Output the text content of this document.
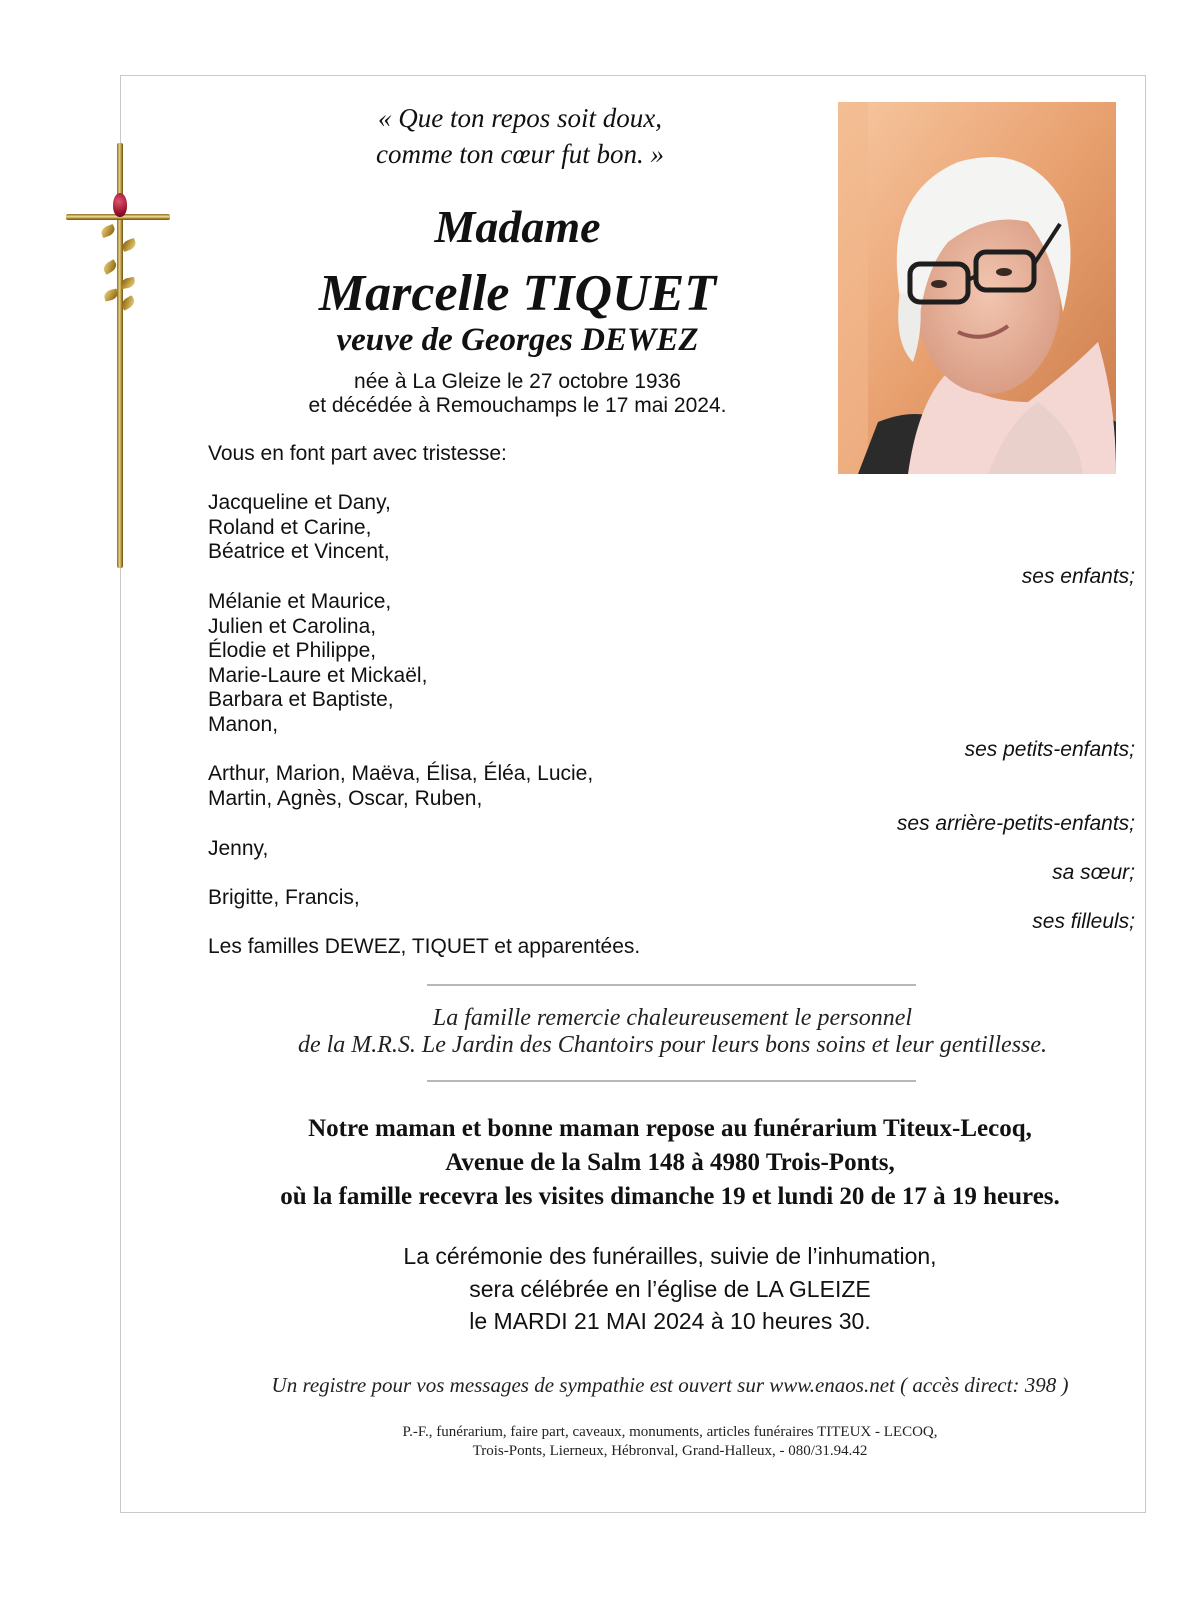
« Que ton repos soit doux,
comme ton cœur fut bon. »
Madame
Marcelle TIQUET
veuve de Georges DEWEZ
née à La Gleize le 27 octobre 1936
et décédée à Remouchamps le 17 mai 2024.
Vous en font part avec tristesse:
Jacqueline et Dany,
Roland et Carine,
Béatrice et Vincent,
ses enfants;
Mélanie et Maurice,
Julien et Carolina,
Élodie et Philippe,
Marie-Laure et Mickaël,
Barbara et Baptiste,
Manon,
ses petits-enfants;
Arthur, Marion, Maëva, Élisa, Éléa, Lucie,
Martin, Agnès, Oscar, Ruben,
ses arrière-petits-enfants;
Jenny,
sa sœur;
Brigitte, Francis,
ses filleuls;
Les familles DEWEZ, TIQUET et apparentées.
La famille remercie chaleureusement le personnel
de la M.R.S. Le Jardin des Chantoirs pour leurs bons soins et leur gentillesse.
Notre maman et bonne maman repose au funérarium Titeux-Lecoq,
Avenue de la Salm 148 à 4980 Trois-Ponts,
où la famille recevra les visites dimanche 19 et lundi 20 de 17 à 19 heures.
La cérémonie des funérailles, suivie de l’inhumation,
sera célébrée en l’église de LA GLEIZE
le MARDI 21 MAI 2024 à 10 heures 30.
Un registre pour vos messages de sympathie est ouvert sur www.enaos.net ( accès direct: 398 )
P.-F., funérarium, faire part, caveaux, monuments, articles funéraires TITEUX - LECOQ,
Trois-Ponts, Lierneux, Hébronval, Grand-Halleux, - 080/31.94.42
